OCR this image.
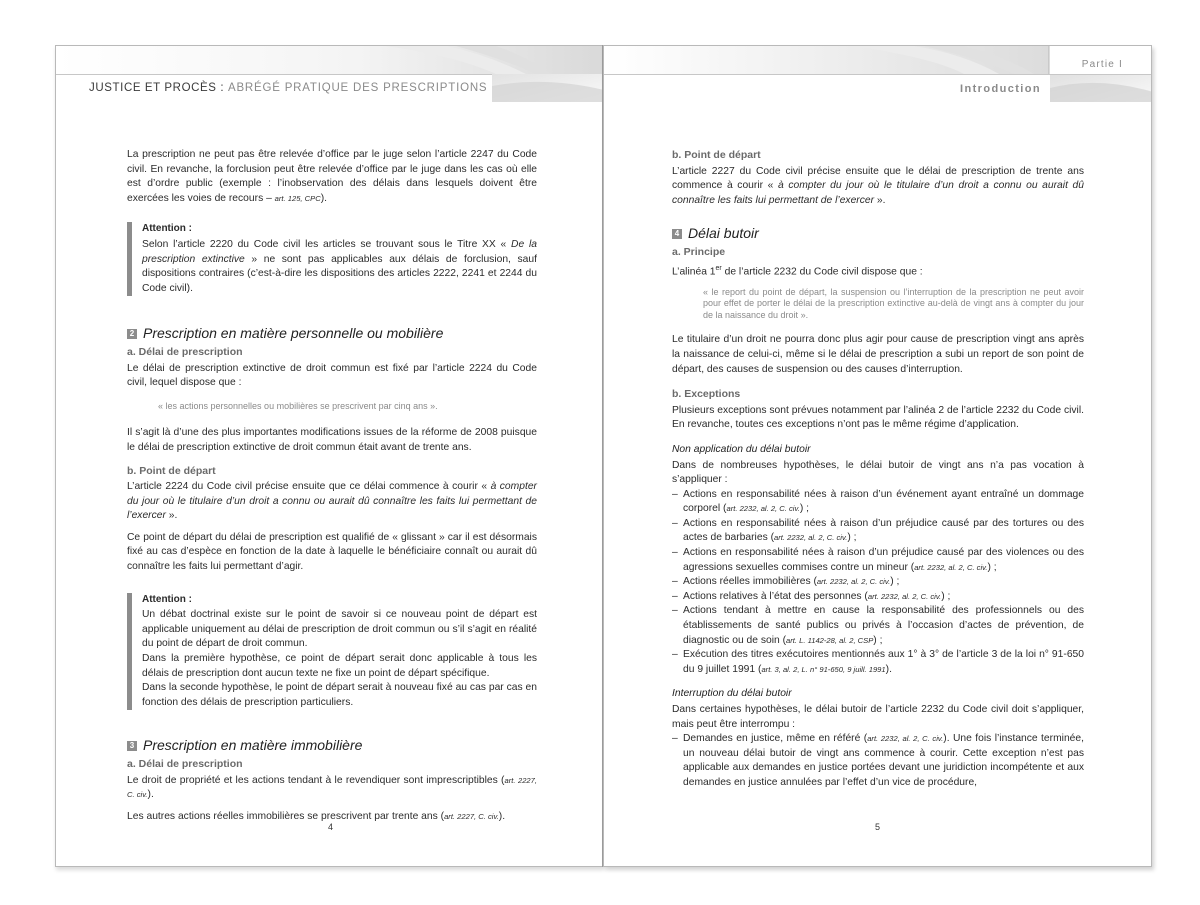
JUSTICE ET PROCÈS : ABRÉGÉ PRATIQUE DES PRESCRIPTIONS

La prescription ne peut pas être relevée d’office par le juge selon l’article 2247 du Code civil. En revanche, la forclusion peut être relevée d’office par le juge dans les cas où elle est d’ordre public (exemple : l’inobservation des délais dans lesquels doivent être exercées les voies de recours – art. 125, CPC).

Attention :

Selon l’article 2220 du Code civil les articles se trouvant sous le Titre XX « De la prescription extinctive » ne sont pas applicables aux délais de forclusion, sauf dispositions contraires (c’est-à-dire les dispositions des articles 2222, 2241 et 2244 du Code civil).

2 Prescription en matière personnelle ou mobilière
a. Délai de prescription

Le délai de prescription extinctive de droit commun est fixé par l’article 2224 du Code civil, lequel dispose que :

« les actions personnelles ou mobilières se prescrivent par cinq ans ».

Il s’agit là d’une des plus importantes modifications issues de la réforme de 2008 puisque le délai de prescription extinctive de droit commun était avant de trente ans.

b. Point de départ

L’article 2224 du Code civil précise ensuite que ce délai commence à courir « à compter du jour où le titulaire d’un droit a connu ou aurait dû connaître les faits lui permettant de l’exercer ».

Ce point de départ du délai de prescription est qualifié de « glissant » car il est désormais fixé au cas d’espèce en fonction de la date à laquelle le bénéficiaire connaît ou aurait dû connaître les faits lui permettant d’agir.

Attention :

Un débat doctrinal existe sur le point de savoir si ce nouveau point de départ est applicable uniquement au délai de prescription de droit commun ou s’il s’agit en réalité du point de départ de droit commun.

Dans la première hypothèse, ce point de départ serait donc applicable à tous les délais de prescription dont aucun texte ne fixe un point de départ spécifique.

Dans la seconde hypothèse, le point de départ serait à nouveau fixé au cas par cas en fonction des délais de prescription particuliers.

3 Prescription en matière immobilière
a. Délai de prescription

Le droit de propriété et les actions tendant à le revendiquer sont imprescriptibles (art. 2227, C. civ.).

Les autres actions réelles immobilières se prescrivent par trente ans (art. 2227, C. civ.).

4
Partie I
Introduction
b. Point de départ

L’article 2227 du Code civil précise ensuite que le délai de prescription de trente ans commence à courir « à compter du jour où le titulaire d’un droit a connu ou aurait dû connaître les faits lui permettant de l’exercer ».

4 Délai butoir
a. Principe

L’alinéa 1er de l’article 2232 du Code civil dispose que :

« le report du point de départ, la suspension ou l’interruption de la prescription ne peut avoir pour effet de porter le délai de la prescription extinctive au-delà de vingt ans à compter du jour de la naissance du droit ».

Le titulaire d’un droit ne pourra donc plus agir pour cause de prescription vingt ans après la naissance de celui-ci, même si le délai de prescription a subi un report de son point de départ, des causes de suspension ou des causes d’interruption.

b. Exceptions

Plusieurs exceptions sont prévues notamment par l’alinéa 2 de l’article 2232 du Code civil. En revanche, toutes ces exceptions n’ont pas le même régime d’application.

Non application du délai butoir

Dans de nombreuses hypothèses, le délai butoir de vingt ans n’a pas vocation à s’appliquer :

– Actions en responsabilité nées à raison d’un événement ayant entraîné un dommage corporel (art. 2232, al. 2, C. civ.) ;
– Actions en responsabilité nées à raison d’un préjudice causé par des tortures ou des actes de barbaries (art. 2232, al. 2, C. civ.) ;
– Actions en responsabilité nées à raison d’un préjudice causé par des violences ou des agressions sexuelles commises contre un mineur (art. 2232, al. 2, C. civ.) ;
– Actions réelles immobilières (art. 2232, al. 2, C. civ.) ;
– Actions relatives à l’état des personnes (art. 2232, al. 2, C. civ.) ;
– Actions tendant à mettre en cause la responsabilité des professionnels ou des établissements de santé publics ou privés à l’occasion d’actes de prévention, de diagnostic ou de soin (art. L. 1142-28, al. 2, CSP) ;
– Exécution des titres exécutoires mentionnés aux 1° à 3° de l’article 3 de la loi n° 91-650 du 9 juillet 1991 (art. 3, al. 2, L. n° 91-650, 9 juill. 1991).
Interruption du délai butoir

Dans certaines hypothèses, le délai butoir de l’article 2232 du Code civil doit s’appliquer, mais peut être interrompu :

– Demandes en justice, même en référé (art. 2232, al. 2, C. civ.). Une fois l’instance terminée, un nouveau délai butoir de vingt ans commence à courir. Cette exception n’est pas applicable aux demandes en justice portées devant une juridiction incompétente et aux demandes en justice annulées par l’effet d’un vice de procédure,
5
